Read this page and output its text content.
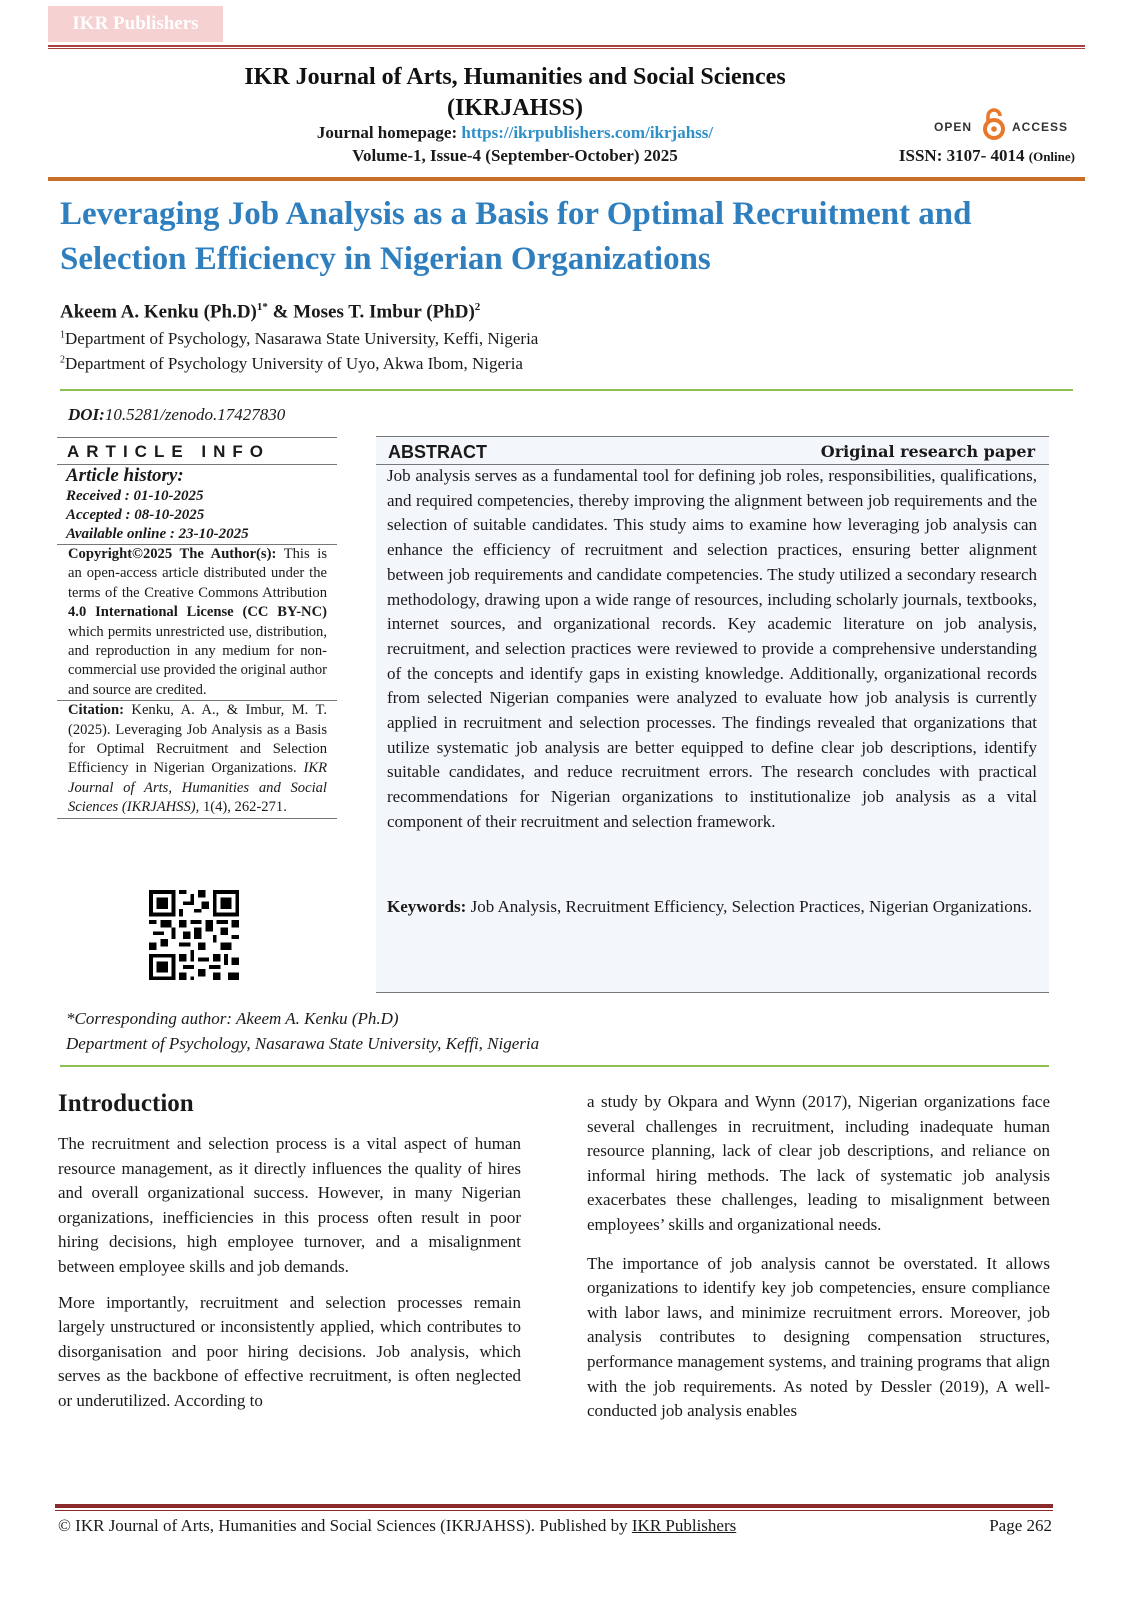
IKR Publishers
IKR Journal of Arts, Humanities and Social Sciences
(IKRJAHSS)
Journal homepage: https://ikrpublishers.com/ikrjahss/
Volume-1, Issue-4 (September-October) 2025
OPEN	ACCESS
ISSN: 3107- 4014 (Online)
Leveraging Job Analysis as a Basis for Optimal Recruitment and
Selection Efficiency in Nigerian Organizations
Akeem A. Kenku $(Ph.D)^{1*}$ & Moses T. Imbur (PhD)$^2$
$^1$Department of Psychology, Nasarawa State University, Keffi, Nigeria
$^2$Department of Psychology University of Uyo, Akwa Ibom, Nigeria
DOI:10.5281/zenodo.17427830
ARTICLE INFO
Article history:
Received : 01-10-2025
Accepted : 08-10-2025
Available online : 23-10-2025
Copyright©2025 The Author(s): This is an open-access article distributed under the terms of the Creative Commons Attribution 4.0 International License (CC BY-NC) which permits unrestricted use, distribution, and reproduction in any medium for non-commercial use provided the original author and source are credited.
Citation: Kenku, A. A., & Imbur, M. T. (2025). Leveraging Job Analysis as a Basis for Optimal Recruitment and Selection Efficiency in Nigerian Organizations. IKR Journal of Arts, Humanities and Social Sciences (IKRJAHSS), 1(4), 262-271.
ABSTRACT	Original research paper
Job analysis serves as a fundamental tool for defining job roles, responsibilities, qualifications, and required competencies, thereby improving the alignment between job requirements and the selection of suitable candidates. This study aims to examine how leveraging job analysis can enhance the efficiency of recruitment and selection practices, ensuring better alignment between job requirements and candidate competencies. The study utilized a secondary research methodology, drawing upon a wide range of resources, including scholarly journals, textbooks, internet sources, and organizational records. Key academic literature on job analysis, recruitment, and selection practices were reviewed to provide a comprehensive understanding of the concepts and identify gaps in existing knowledge. Additionally, organizational records from selected Nigerian companies were analyzed to evaluate how job analysis is currently applied in recruitment and selection processes. The findings revealed that organizations that utilize systematic job analysis are better equipped to define clear job descriptions, identify suitable candidates, and reduce recruitment errors. The research concludes with practical recommendations for Nigerian organizations to institutionalize job analysis as a vital component of their recruitment and selection framework.
Keywords: Job Analysis, Recruitment Efficiency, Selection Practices, Nigerian Organizations.
*Corresponding author: Akeem A. Kenku (Ph.D)
Department of Psychology, Nasarawa State University, Keffi, Nigeria
Introduction

The recruitment and selection process is a vital aspect of human resource management, as it directly influences the quality of hires and overall organizational success. However, in many Nigerian organizations, inefficiencies in this process often result in poor hiring decisions, high employee turnover, and a misalignment between employee skills and job demands.

More importantly, recruitment and selection processes remain largely unstructured or inconsistently applied, which contributes to disorganisation and poor hiring decisions. Job analysis, which serves as the backbone of effective recruitment, is often neglected or underutilized. According to

a study by Okpara and Wynn (2017), Nigerian organizations face several challenges in recruitment, including inadequate human resource planning, lack of clear job descriptions, and reliance on informal hiring methods. The lack of systematic job analysis exacerbates these challenges, leading to misalignment between employees’ skills and organizational needs.

The importance of job analysis cannot be overstated. It allows organizations to identify key job competencies, ensure compliance with labor laws, and minimize recruitment errors. Moreover, job analysis contributes to designing compensation structures, performance management systems, and training programs that align with the job requirements. As noted by Dessler (2019), A well-conducted job analysis enables

© IKR Journal of Arts, Humanities and Social Sciences (IKRJAHSS). Published by IKR Publishers	Page 262
